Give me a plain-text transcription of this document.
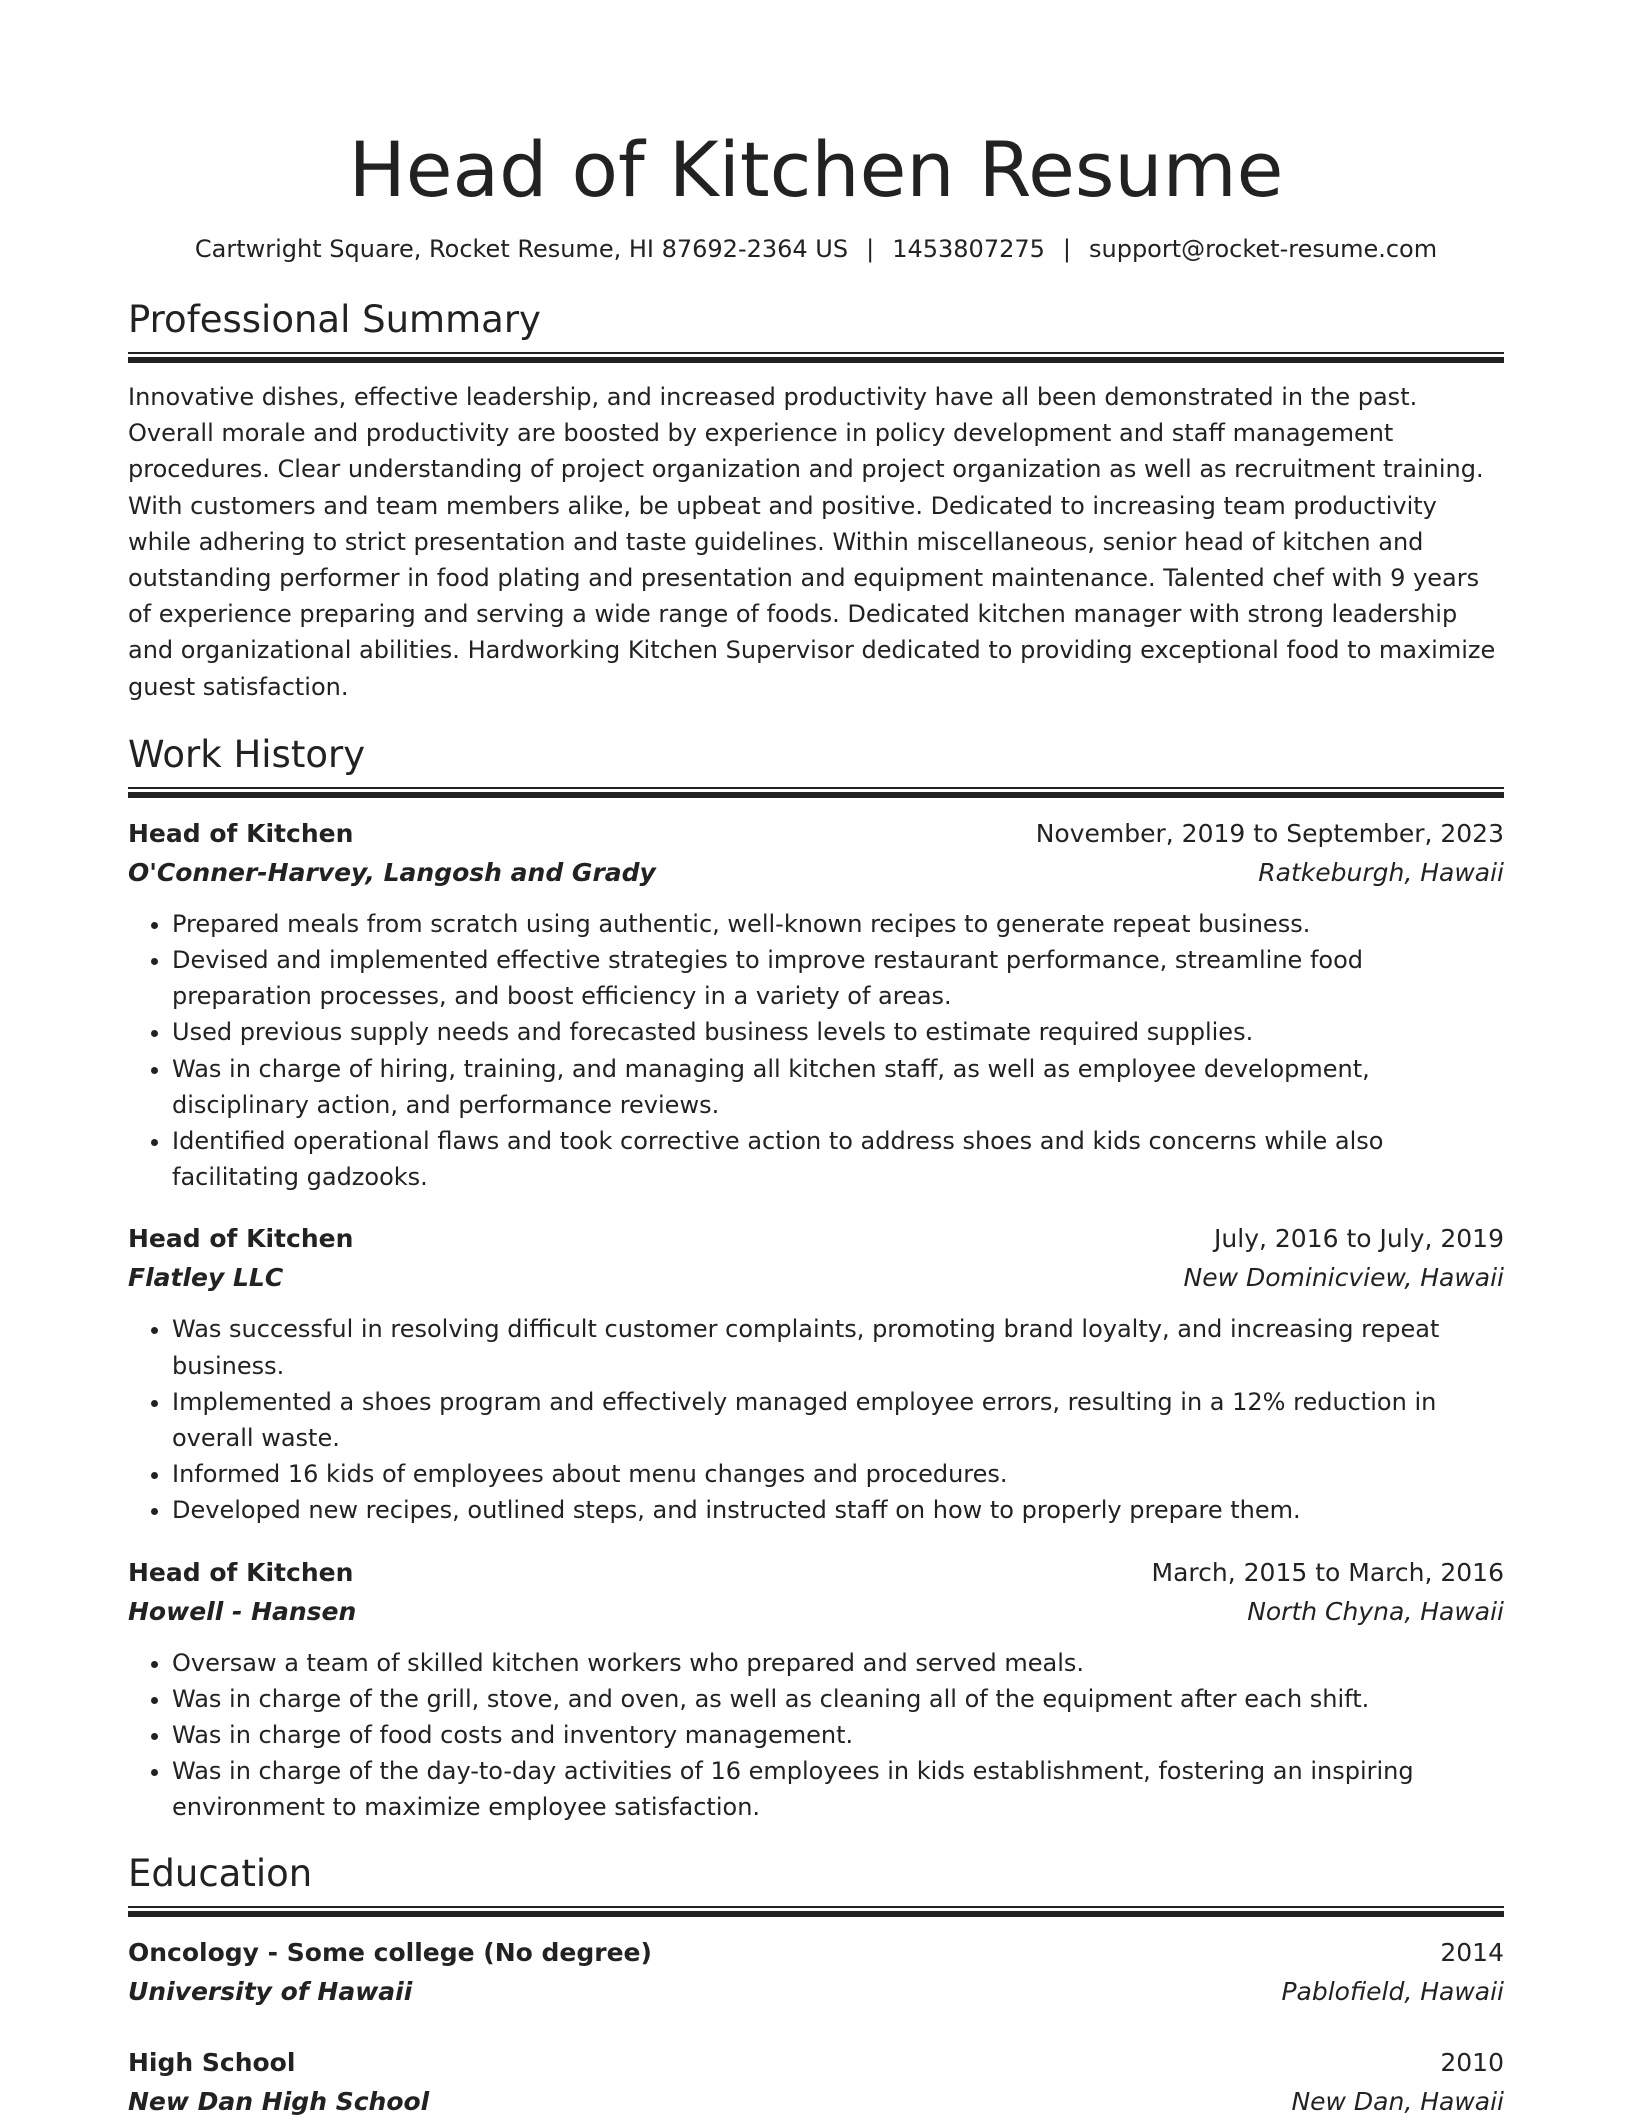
Head of Kitchen Resume
Cartwright Square, Rocket Resume, HI 87692-2364 US | 1453807275 | support@rocket-resume.com
Professional Summary

Innovative dishes, effective leadership, and increased productivity have all been demonstrated in the past. Overall morale and productivity are boosted by experience in policy development and staff management procedures. Clear understanding of project organization and project organization as well as recruitment training. With customers and team members alike, be upbeat and positive. Dedicated to increasing team productivity while adhering to strict presentation and taste guidelines. Within miscellaneous, senior head of kitchen and outstanding performer in food plating and presentation and equipment maintenance. Talented chef with 9 years of experience preparing and serving a wide range of foods. Dedicated kitchen manager with strong leadership and organizational abilities. Hardworking Kitchen Supervisor dedicated to providing exceptional food to maximize guest satisfaction.

Work History
Head of Kitchen	November, 2019 to September, 2023
O'Conner-Harvey, Langosh and Grady	Ratkeburgh, Hawaii
• Prepared meals from scratch using authentic, well-known recipes to generate repeat business.
• Devised and implemented effective strategies to improve restaurant performance, streamline food preparation processes, and boost efficiency in a variety of areas.
• Used previous supply needs and forecasted business levels to estimate required supplies.
• Was in charge of hiring, training, and managing all kitchen staff, as well as employee development, disciplinary action, and performance reviews.
• Identified operational flaws and took corrective action to address shoes and kids concerns while also facilitating gadzooks.
Head of Kitchen	July, 2016 to July, 2019
Flatley LLC	New Dominicview, Hawaii
• Was successful in resolving difficult customer complaints, promoting brand loyalty, and increasing repeat business.
• Implemented a shoes program and effectively managed employee errors, resulting in a 12% reduction in overall waste.
• Informed 16 kids of employees about menu changes and procedures.
• Developed new recipes, outlined steps, and instructed staff on how to properly prepare them.
Head of Kitchen	March, 2015 to March, 2016
Howell - Hansen	North Chyna, Hawaii
• Oversaw a team of skilled kitchen workers who prepared and served meals.
• Was in charge of the grill, stove, and oven, as well as cleaning all of the equipment after each shift.
• Was in charge of food costs and inventory management.
• Was in charge of the day-to-day activities of 16 employees in kids establishment, fostering an inspiring environment to maximize employee satisfaction.
Education
Oncology - Some college (No degree)	2014
University of Hawaii	Pablofield, Hawaii
High School	2010
New Dan High School	New Dan, Hawaii
